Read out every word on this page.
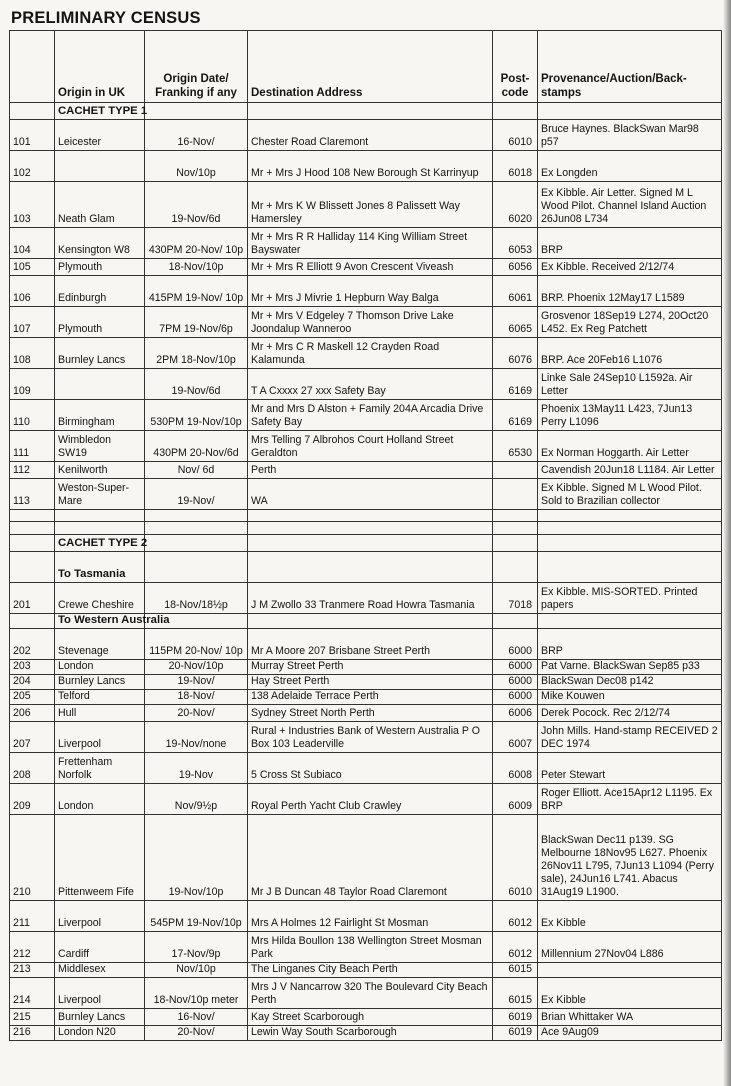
PRELIMINARY CENSUS
	Origin in UK	Origin Date/ Franking if any	Destination Address	Post-code	Provenance/Auction/Back-stamps
	CACHET TYPE 1				
101	Leicester	16-Nov/	Chester Road Claremont	6010	Bruce Haynes. BlackSwan Mar98 p57
102		Nov/10p	Mr + Mrs J Hood 108 New Borough St Karrinyup	6018	Ex Longden
103	Neath Glam	19-Nov/6d	Mr + Mrs K W Blissett Jones 8 Palissett Way Hamersley	6020	Ex Kibble. Air Letter. Signed M L Wood Pilot. Channel Island Auction 26Jun08 L734
104	Kensington W8	430PM 20-Nov/ 10p	Mr + Mrs R R Halliday 114 King William Street Bayswater	6053	BRP
105	Plymouth	18-Nov/10p	Mr + Mrs R Elliott 9 Avon Crescent Viveash	6056	Ex Kibble. Received 2/12/74
106	Edinburgh	415PM 19-Nov/ 10p	Mr + Mrs J Mivrie 1 Hepburn Way Balga	6061	BRP. Phoenix 12May17 L1589
107	Plymouth	7PM 19-Nov/6p	Mr + Mrs V Edgeley 7 Thomson Drive Lake Joondalup Wanneroo	6065	Grosvenor 18Sep19 L274, 20Oct20 L452. Ex Reg Patchett
108	Burnley Lancs	2PM 18-Nov/10p	Mr + Mrs C R Maskell 12 Crayden Road Kalamunda	6076	BRP. Ace 20Feb16 L1076
109		19-Nov/6d	T A Cxxxx 27 xxx Safety Bay	6169	Linke Sale 24Sep10 L1592a. Air Letter
110	Birmingham	530PM 19-Nov/10p	Mr and Mrs D Alston + Family 204A Arcadia Drive Safety Bay	6169	Phoenix 13May11 L423, 7Jun13 Perry L1096
111	Wimbledon SW19	430PM 20-Nov/6d	Mrs Telling 7 Albrohos Court Holland Street Geraldton	6530	Ex Norman Hoggarth. Air Letter
112	Kenilworth	Nov/ 6d	Perth		Cavendish 20Jun18 L1184. Air Letter
113	Weston-Super-Mare	19-Nov/	WA		Ex Kibble. Signed M L Wood Pilot. Sold to Brazilian collector

	CACHET TYPE 2				
	To Tasmania				
201	Crewe Cheshire	18-Nov/18½p	J M Zwollo 33 Tranmere Road Howra Tasmania	7018	Ex Kibble. MIS-SORTED. Printed papers
	To Western Australia				
202	Stevenage	115PM 20-Nov/ 10p	Mr A Moore 207 Brisbane Street Perth	6000	BRP
203	London	20-Nov/10p	Murray Street Perth	6000	Pat Varne. BlackSwan Sep85 p33
204	Burnley Lancs	19-Nov/	Hay Street Perth	6000	BlackSwan Dec08 p142
205	Telford	18-Nov/	138 Adelaide Terrace Perth	6000	Mike Kouwen
206	Hull	20-Nov/	Sydney Street North Perth	6006	Derek Pocock. Rec 2/12/74
207	Liverpool	19-Nov/none	Rural + Industries Bank of Western Australia P O Box 103 Leaderville	6007	John Mills. Hand-stamp RECEIVED 2 DEC 1974
208	Frettenham Norfolk	19-Nov	5 Cross St Subiaco	6008	Peter Stewart
209	London	Nov/9½p	Royal Perth Yacht Club Crawley	6009	Roger Elliott. Ace15Apr12 L1195. Ex BRP
210	Pittenweem Fife	19-Nov/10p	Mr J B Duncan 48 Taylor Road Claremont	6010	BlackSwan Dec11 p139. SG Melbourne 18Nov95 L627. Phoenix 26Nov11 L795, 7Jun13 L1094 (Perry sale), 24Jun16 L741. Abacus 31Aug19 L1900.
211	Liverpool	545PM 19-Nov/10p	Mrs A Holmes 12 Fairlight St Mosman	6012	Ex Kibble
212	Cardiff	17-Nov/9p	Mrs Hilda Boullon 138 Wellington Street Mosman Park	6012	Millennium 27Nov04 L886
213	Middlesex	Nov/10p	The Linganes City Beach Perth	6015	
214	Liverpool	18-Nov/10p meter	Mrs J V Nancarrow 320 The Boulevard City Beach Perth	6015	Ex Kibble
215	Burnley Lancs	16-Nov/	Kay Street Scarborough	6019	Brian Whittaker WA
216	London N20	20-Nov/	Lewin Way South Scarborough	6019	Ace 9Aug09
